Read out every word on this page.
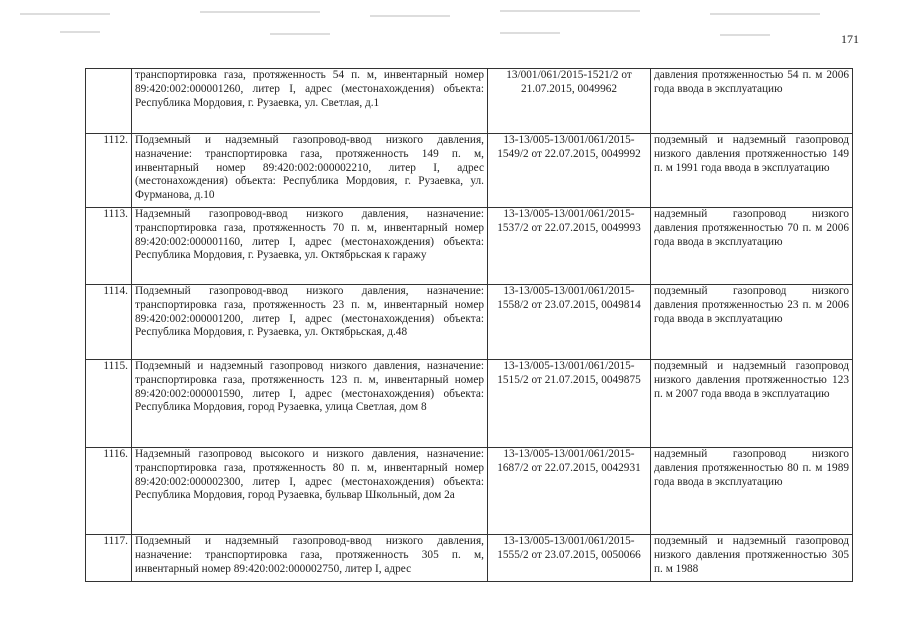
171
	транспортировка газа, протяженность 54 п. м, инвентарный номер 89:420:002:000001260, литер I, адрес (местонахождения) объекта: Республика Мордовия, г. Рузаевка, ул. Светлая, д.1	13/001/061/2015-1521/2 от 21.07.2015, 0049962	давления протяженностью 54 п. м 2006 года ввода в эксплуатацию
1112.	Подземный и надземный газопровод-ввод низкого давления, назначение: транспортировка газа, протяженность 149 п. м, инвентарный номер 89:420:002:000002210, литер I, адрес (местонахождения) объекта: Республика Мордовия, г. Рузаевка, ул. Фурманова, д.10	13-13/005-13/001/061/2015-1549/2 от 22.07.2015, 0049992	подземный и надземный газопровод низкого давления протяженностью 149 п. м 1991 года ввода в эксплуатацию
1113.	Надземный газопровод-ввод низкого давления, назначение: транспортировка газа, протяженность 70 п. м, инвентарный номер 89:420:002:000001160, литер I, адрес (местонахождения) объекта: Республика Мордовия, г. Рузаевка, ул. Октябрьская к гаражу	13-13/005-13/001/061/2015-1537/2 от 22.07.2015, 0049993	надземный газопровод низкого давления протяженностью 70 п. м 2006 года ввода в эксплуатацию
1114.	Подземный газопровод-ввод низкого давления, назначение: транспортировка газа, протяженность 23 п. м, инвентарный номер 89:420:002:000001200, литер I, адрес (местонахождения) объекта: Республика Мордовия, г. Рузаевка, ул. Октябрьская, д.48	13-13/005-13/001/061/2015-1558/2 от 23.07.2015, 0049814	подземный газопровод низкого давления протяженностью 23 п. м 2006 года ввода в эксплуатацию
1115.	Подземный и надземный газопровод низкого давления, назначение: транспортировка газа, протяженность 123 п. м, инвентарный номер 89:420:002:000001590, литер I, адрес (местонахождения) объекта: Республика Мордовия, город Рузаевка, улица Светлая, дом 8	13-13/005-13/001/061/2015-1515/2 от 21.07.2015, 0049875	подземный и надземный газопровод низкого давления протяженностью 123 п. м 2007 года ввода в эксплуатацию
1116.	Надземный газопровод высокого и низкого давления, назначение: транспортировка газа, протяженность 80 п. м, инвентарный номер 89:420:002:000002300, литер I, адрес (местонахождения) объекта: Республика Мордовия, город Рузаевка, бульвар Школьный, дом 2а	13-13/005-13/001/061/2015-1687/2 от 22.07.2015, 0042931	надземный газопровод низкого давления протяженностью 80 п. м 1989 года ввода в эксплуатацию
1117.	Подземный и надземный газопровод-ввод низкого давления, назначение: транспортировка газа, протяженность 305 п. м, инвентарный номер 89:420:002:000002750, литер I, адрес	13-13/005-13/001/061/2015-1555/2 от 23.07.2015, 0050066	подземный и надземный газопровод низкого давления протяженностью 305 п. м 1988
